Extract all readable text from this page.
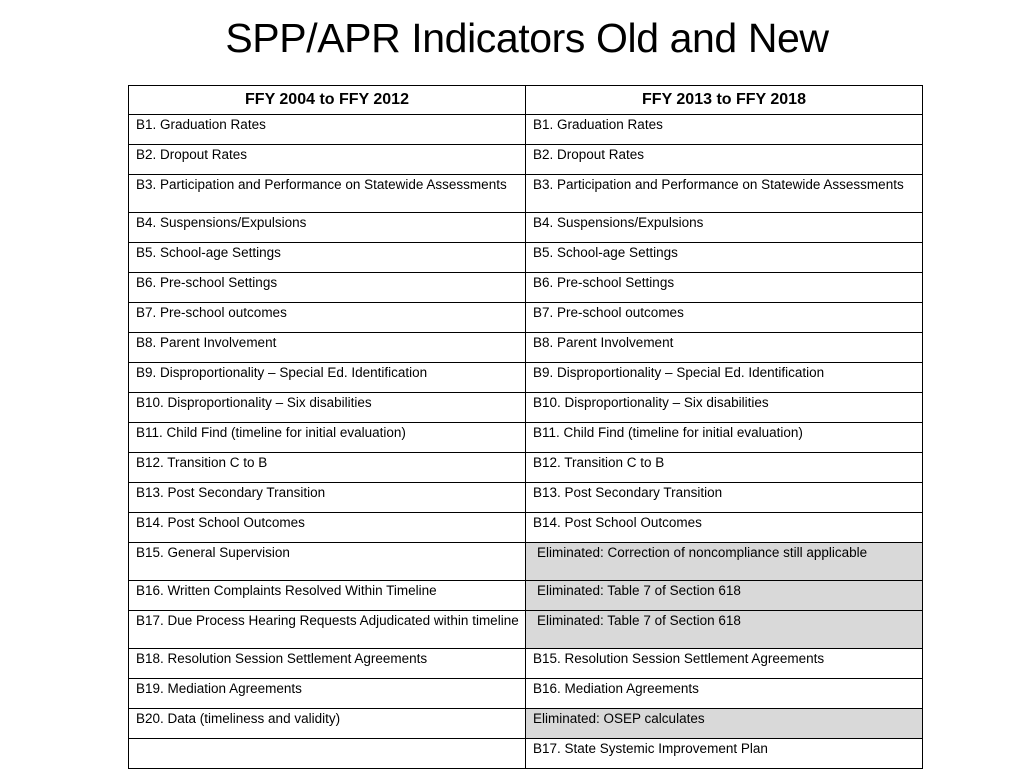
SPP/APR Indicators Old and New
FFY 2004 to FFY 2012	FFY 2013 to FFY 2018
B1. Graduation Rates	B1. Graduation Rates
B2. Dropout Rates	B2. Dropout Rates
B3. Participation and Performance on Statewide Assessments	B3. Participation and Performance on Statewide Assessments
B4. Suspensions/Expulsions	B4. Suspensions/Expulsions
B5. School-age Settings	B5. School-age Settings
B6. Pre-school Settings	B6. Pre-school Settings
B7. Pre-school outcomes	B7. Pre-school outcomes
B8. Parent Involvement	B8. Parent Involvement
B9. Disproportionality – Special Ed. Identification	B9. Disproportionality – Special Ed. Identification
B10. Disproportionality – Six disabilities	B10. Disproportionality – Six disabilities
B11. Child Find (timeline for initial evaluation)	B11. Child Find (timeline for initial evaluation)
B12. Transition C to B	B12. Transition C to B
B13. Post Secondary Transition	B13. Post Secondary Transition
B14. Post School Outcomes	B14. Post School Outcomes
B15. General Supervision	Eliminated: Correction of noncompliance still applicable
B16. Written Complaints Resolved Within Timeline	Eliminated: Table 7 of Section 618
B17. Due Process Hearing Requests Adjudicated within timeline	Eliminated: Table 7 of Section 618
B18. Resolution Session Settlement Agreements	B15. Resolution Session Settlement Agreements
B19. Mediation Agreements	B16. Mediation Agreements
B20. Data (timeliness and validity)	Eliminated: OSEP calculates
	B17. State Systemic Improvement Plan
